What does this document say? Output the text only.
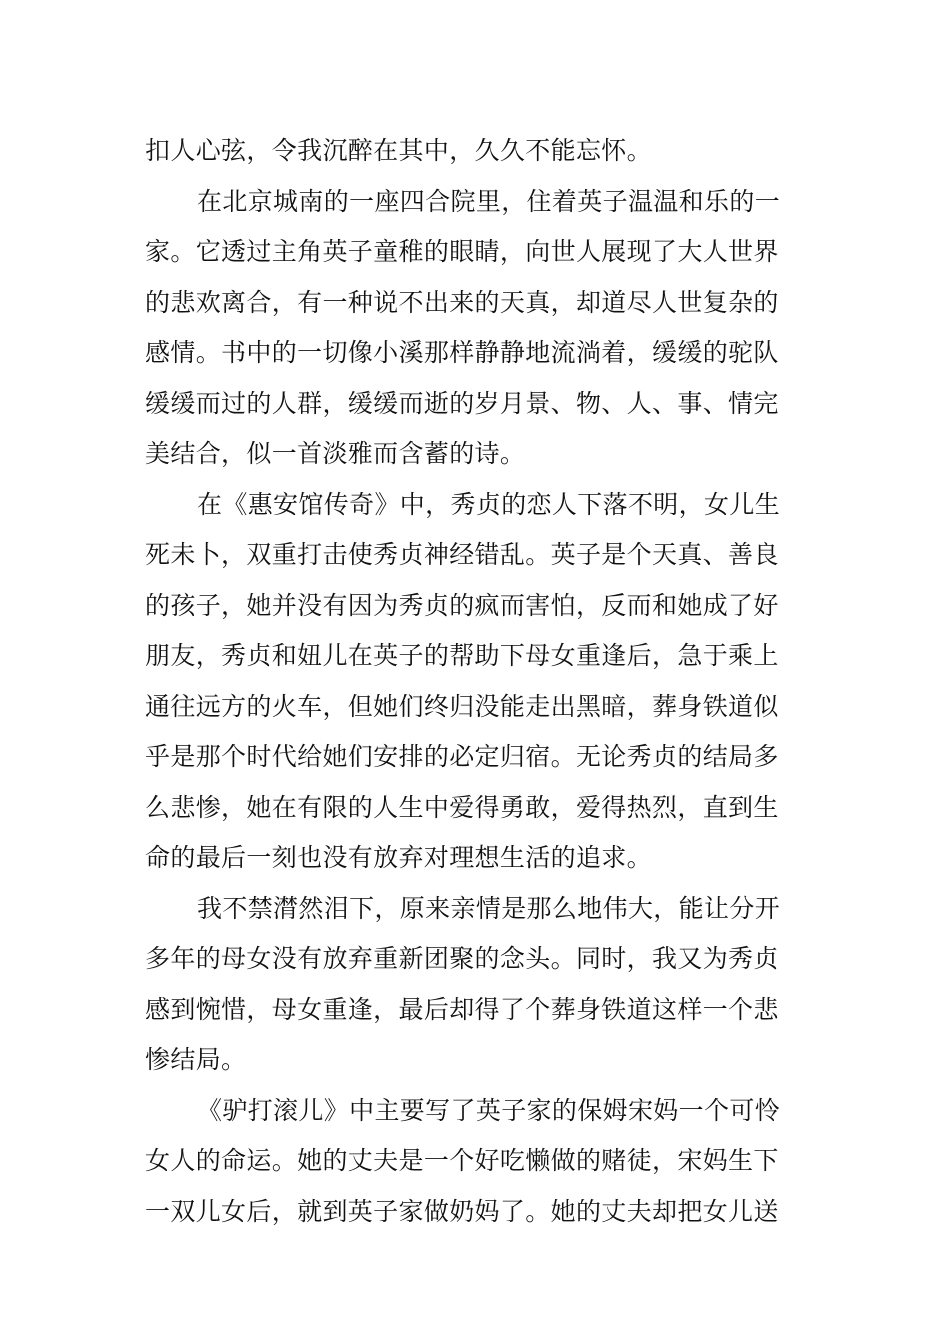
扣人心弦，令我沉醉在其中，久久不能忘怀。
在北京城南的一座四合院里，住着英子温温和乐的一
家。它透过主角英子童稚的眼睛，向世人展现了大人世界
的悲欢离合，有一种说不出来的天真，却道尽人世复杂的
感情。书中的一切像小溪那样静静地流淌着，缓缓的驼队
缓缓而过的人群，缓缓而逝的岁月景、物、人、事、情完
美结合，似一首淡雅而含蓄的诗。
在《惠安馆传奇》中，秀贞的恋人下落不明，女儿生
死未卜，双重打击使秀贞神经错乱。英子是个天真、善良
的孩子，她并没有因为秀贞的疯而害怕，反而和她成了好
朋友，秀贞和妞儿在英子的帮助下母女重逢后，急于乘上
通往远方的火车，但她们终归没能走出黑暗，葬身铁道似
乎是那个时代给她们安排的必定归宿。无论秀贞的结局多
么悲惨，她在有限的人生中爱得勇敢，爱得热烈，直到生
命的最后一刻也没有放弃对理想生活的追求。
我不禁潸然泪下，原来亲情是那么地伟大，能让分开
多年的母女没有放弃重新团聚的念头。同时，我又为秀贞
感到惋惜，母女重逢，最后却得了个葬身铁道这样一个悲
惨结局。
《驴打滚儿》中主要写了英子家的保姆宋妈一个可怜
女人的命运。她的丈夫是一个好吃懒做的赌徒，宋妈生下
一双儿女后，就到英子家做奶妈了。她的丈夫却把女儿送
